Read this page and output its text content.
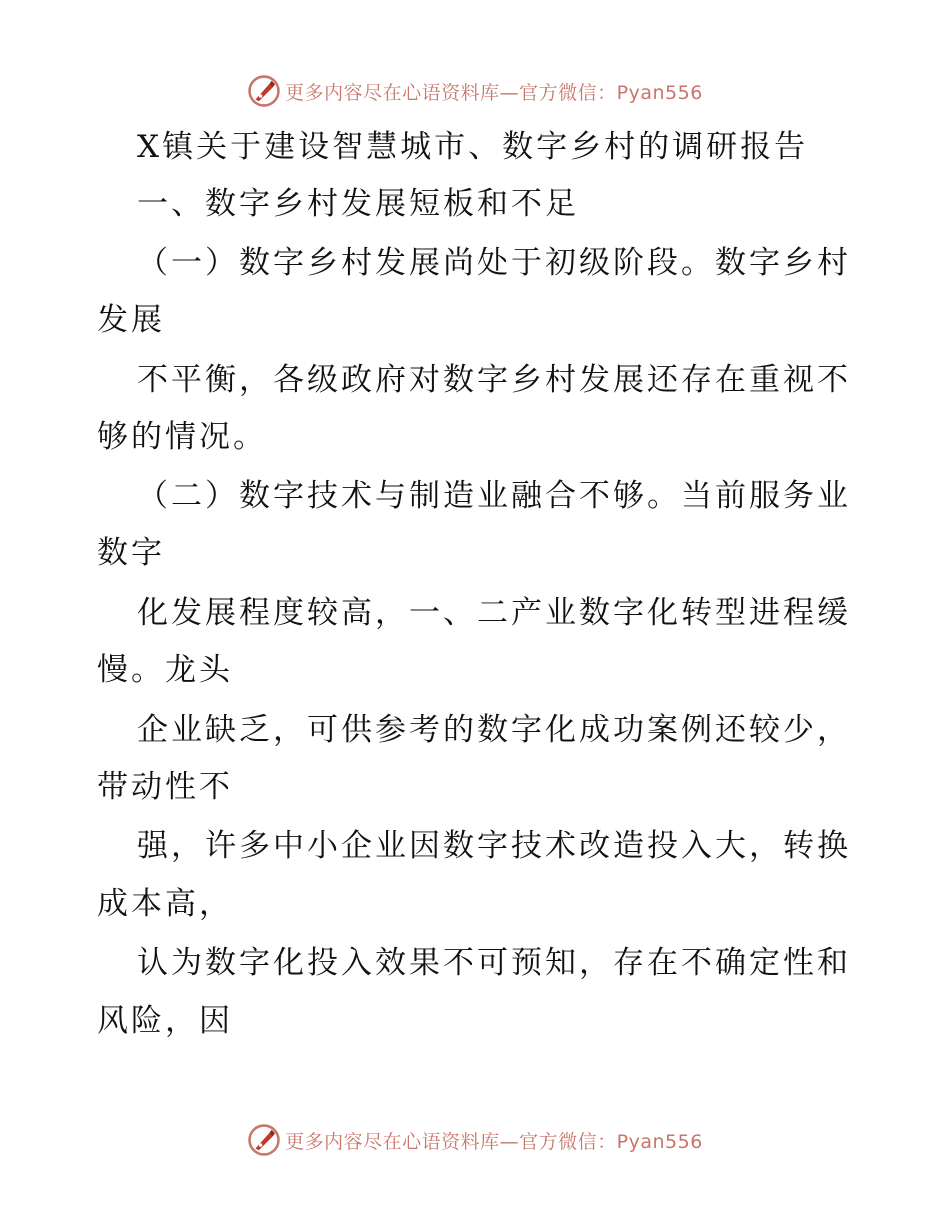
更多内容尽在心语资料库—官方微信：Pyan556
X镇关于建设智慧城市、数字乡村的调研报告
一、数字乡村发展短板和不足
（一）数字乡村发展尚处于初级阶段。数字乡村
发展
不平衡，各级政府对数字乡村发展还存在重视不
够的情况。
（二）数字技术与制造业融合不够。当前服务业
数字
化发展程度较高，一、二产业数字化转型进程缓
慢。龙头
企业缺乏，可供参考的数字化成功案例还较少，
带动性不
强，许多中小企业因数字技术改造投入大，转换
成本高，
认为数字化投入效果不可预知，存在不确定性和
风险，因
更多内容尽在心语资料库—官方微信：Pyan556
